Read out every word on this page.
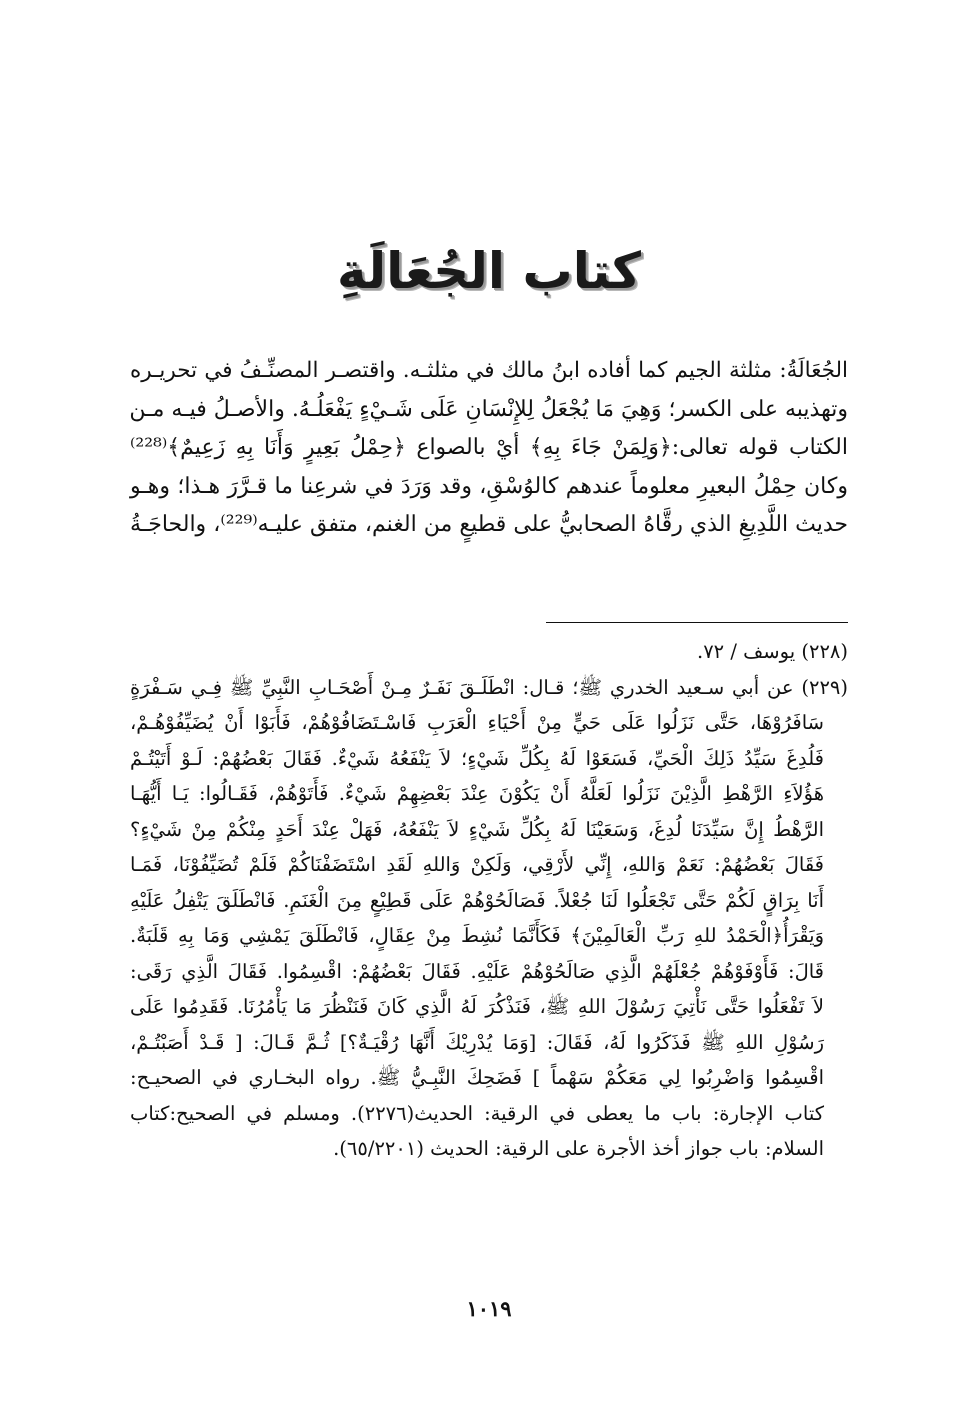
كتاب الجُعَالَةِ
الجُعَالَةُ: مثلثة الجيم كما أفاده ابنُ مالك في مثلثـه. واقتصـر المصنِّـفُ في تحريـره
وتهذيبه على الكسر؛ وَهِيَ مَا يُجْعَلُ لِلإِنْسَانِ عَلَى شَـيْءٍ يَفْعَلُـهُ. والأصـلُ فيـه مـن
الكتاب قوله تعالى:﴿وَلِمَنْ جَاءَ بِهِ﴾ أيْ بالصواع ﴿حِمْلُ بَعِيرٍ وَأَنَا بِهِ زَعِيمٌ﴾⁽²²⁸⁾
وكان حِمْلُ البعيرِ معلوماً عندهم كالوُسْقِ، وقد وَرَدَ في شرعِنا ما قـرَّرَ هـذا؛ وهـو
حديث اللَّدِيغِ الذي رقَّاهُ الصحابيُّ على قطيعٍ من الغنم، متفق عليـه⁽²²⁹⁾، والحاجَـةُ
(٢٢٨) يوسف / ٧٢.
(٢٢٩) عن أبي سـعيد الخدري ﷺ؛ قـال: انْطَلَـقَ نَفَـرٌ مِـنْ أَصْحَـابِ النَّبِيِّ ﷺ فِـي سَـفْرَةٍ
سَافَرُوْهَا، حَتَّى نَزَلُوا عَلَى حَيٍّ مِنْ أَحْيَاءِ الْعَرَبِ فَاسْـتَضَافُوْهُمْ، فَأَبَوْا أَنْ يُضَيِّفُوْهُـمْ،
فَلُدِغَ سَيِّدُ ذَلِكَ الْحَيِّ، فَسَعَوْا لَهُ بِكُلِّ شَيْءٍ؛ لاَ يَنْفَعُهُ شَيْءٌ. فَقَالَ بَعْضُهُمْ: لَـوْ أَتَيْتُـمْ
هَؤُلاَءِ الرَّهْطِ الَّذِيْنَ نَزَلُوا لَعَلَّهُ أَنْ يَكُوْنَ عِنْدَ بَعْضِهِمْ شَيْءٌ. فَأَتَوْهُمْ، فَقَـالُوا: يَـا أَيُّهَـا
الرَّهْطُ إِنَّ سَيِّدَنَا لُدِغَ، وَسَعَيْنَا لَهُ بِكُلِّ شَيْءٍ لاَ يَنْفَعُهُ، فَهَلْ عِنْدَ أَحَدٍ مِنْكُمْ مِنْ شَيْءٍ؟
فَقَالَ بَعْضُهُمْ: نَعَمْ وَاللهِ، إِنِّي لأَرْقِي، وَلَكِنْ وَاللهِ لَقَدِ اسْتَضَفْنَاكُمْ فَلَمْ تُضَيِّفُوْنَا، فَمَـا
أَنَا بِرَاقٍ لَكُمْ حَتَّى تَجْعَلُوا لَنَا جُعْلاً. فَصَالَحُوْهُمْ عَلَى قَطِيْعٍ مِنَ الْغَنَمِ. فَانْطَلَقَ يَتْفِلُ عَلَيْهِ
وَيَقْرَأُ﴿الْحَمْدُ للهِ رَبِّ الْعَالَمِيْنَ﴾ فَكَأَنَّمَا نُشِطَ مِنْ عِقَالٍ، فَانْطَلَقَ يَمْشِي وَمَا بِهِ قَلَبَةٌ.
قَالَ: فَأَوْفَوْهُمْ جُعْلَهُمْ الَّذِي صَالَحُوْهُمْ عَلَيْهِ. فَقَالَ بَعْضُهُمْ: اقْسِمُوا. فَقَالَ الَّذِي رَقَى:
لاَ تَفْعَلُوا حَتَّى نَأْتِيَ رَسُوْلَ اللهِ ﷺ، فَنَذْكُرَ لَهُ الَّذِي كَانَ فَنَنْظُرَ مَا يَأْمُرُنَا. فَقَدِمُوا عَلَى
رَسُوْلِ اللهِ ﷺ فَذَكَرُوا لَهُ، فَقَالَ: [وَمَا يُدْرِيْكَ أَنَّهَا رُقْيَـةٌ؟] ثُـمَّ قَـالَ: [ قَـدْ أَصَبْتُـمْ،
اقْسِمُوا وَاضْرِبُوا لِي مَعَكُمْ سَهْماً ] فَضَحِكَ النَّبِـيُّ ﷺ. رواه البخـاري في الصحيـح:
كتاب الإجارة: باب ما يعطى في الرقية: الحديث(٢٢٧٦). ومسلم في الصحيح:كتاب
السلام: باب جواز أخذ الأجرة على الرقية: الحديث (٦٥/٢٢٠١).
١٠١٩
